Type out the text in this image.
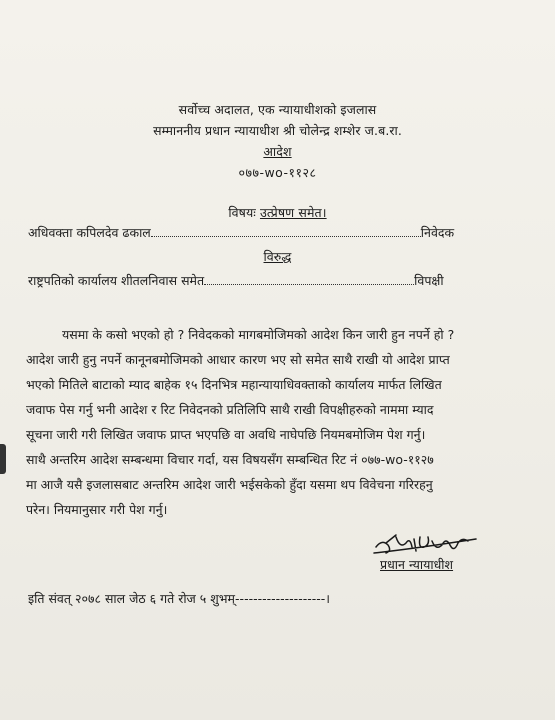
सर्वोच्च अदालत, एक न्यायाधीशको इजलास
सम्माननीय प्रधान न्यायाधीश श्री चोलेन्द्र शम्शेर ज.ब.रा.
आदेश
०७७-wo-११२८
विषयः उत्प्रेषण समेत।
अधिवक्ता कपिलदेव ढकाल	निवेदक
विरुद्ध
राष्ट्रपतिको कार्यालय शीतलनिवास समेत	विपक्षी
यसमा के कसो भएको हो ? निवेदकको मागबमोजिमको आदेश किन जारी हुन नपर्ने हो ?
आदेश जारी हुनु नपर्ने कानूनबमोजिमको आधार कारण भए सो समेत साथै राखी यो आदेश प्राप्त
भएको मितिले बाटाको म्याद बाहेक १५ दिनभित्र महान्यायाधिवक्ताको कार्यालय मार्फत लिखित
जवाफ पेस गर्नु भनी आदेश र रिट निवेदनको प्रतिलिपि साथै राखी विपक्षीहरुको नाममा म्याद
सूचना जारी गरी लिखित जवाफ प्राप्त भएपछि वा अवधि नाघेपछि नियमबमोजिम पेश गर्नु।
साथै अन्तरिम आदेश सम्बन्धमा विचार गर्दा, यस विषयसँग सम्बन्धित रिट नं ०७७-wo-११२७
मा आजै यसै इजलासबाट अन्तरिम आदेश जारी भईसकेको हुँदा यसमा थप विवेचना गरिरहनु
परेन। नियमानुसार गरी पेश गर्नु।
प्रधान न्यायाधीश
इति संवत् २०७८ साल जेठ ६ गते रोज ५ शुभम्--------------------।
